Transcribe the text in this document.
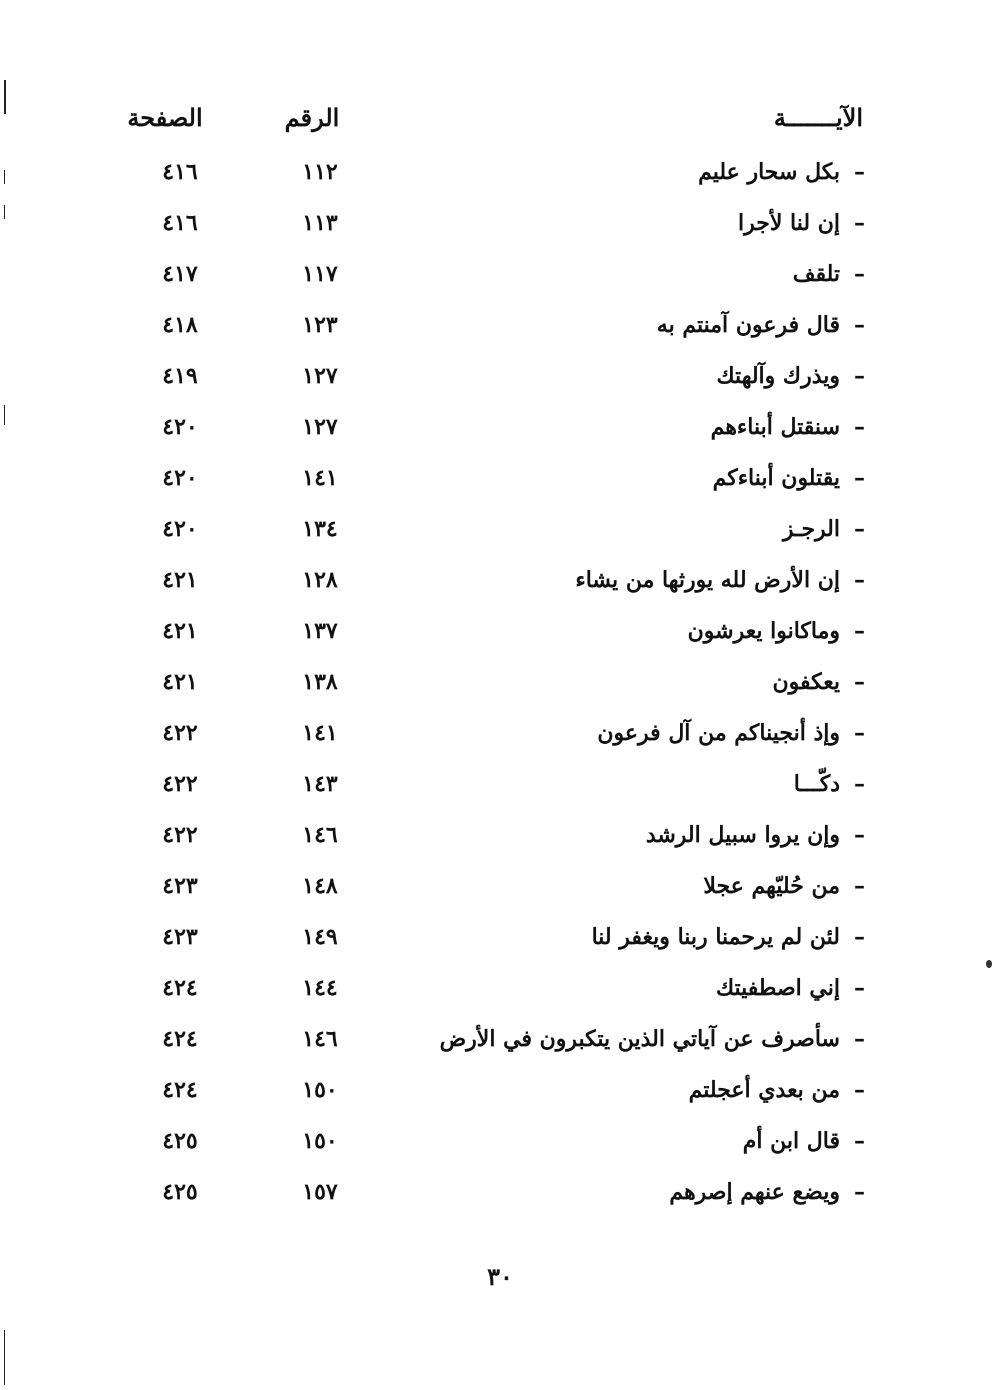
الآيـــــــة
الرقم
الصفحة
–بكل سحار عليم
١١٢
٤١٦
–إن لنا لأجرا
١١٣
٤١٦
–تلقف
١١٧
٤١٧
–قال فرعون آمنتم به
١٢٣
٤١٨
–ويذرك وآلهتك
١٢٧
٤١٩
–سنقتل أبناءهم
١٢٧
٤٢٠
–يقتلون أبناءكم
١٤١
٤٢٠
–الرجـز
١٣٤
٤٢٠
–إن الأرض لله يورثها من يشاء
١٢٨
٤٢١
–وماكانوا يعرشون
١٣٧
٤٢١
–يعكفون
١٣٨
٤٢١
–وإذ أنجيناكم من آل فرعون
١٤١
٤٢٢
–دكّـــا
١٤٣
٤٢٢
–وإن يروا سبيل الرشد
١٤٦
٤٢٢
–من حُليّهم عجلا
١٤٨
٤٢٣
–لئن لم يرحمنا ربنا ويغفر لنا
١٤٩
٤٢٣
–إني اصطفيتك
١٤٤
٤٢٤
–سأصرف عن آياتي الذين يتكبرون في الأرض
١٤٦
٤٢٤
–من بعدي أعجلتم
١٥٠
٤٢٤
–قال ابن أم
١٥٠
٤٢٥
–ويضع عنهم إصرهم
١٥٧
٤٢٥
٣٠
